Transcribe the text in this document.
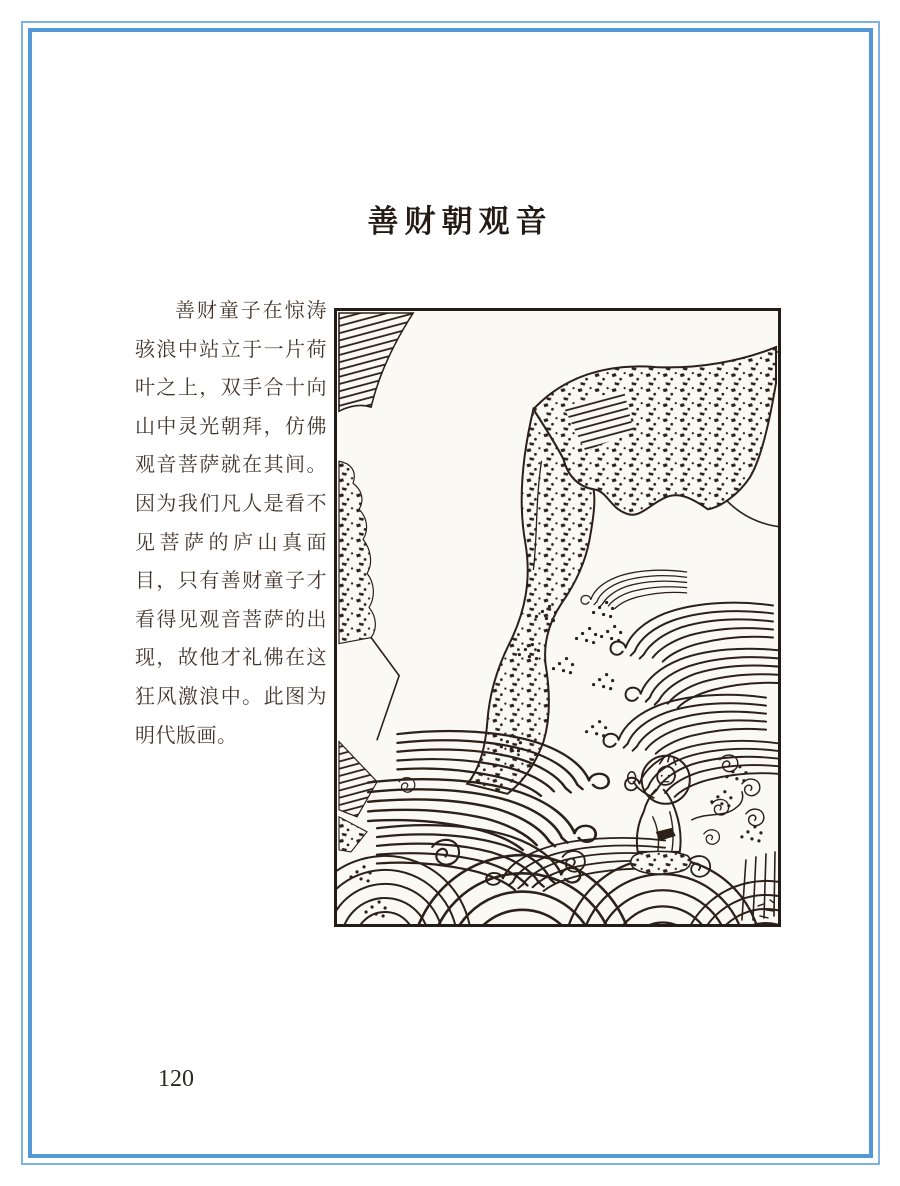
善财朝观音
善财童子在惊涛骇浪中站立于一片荷叶之上，双手合十向山中灵光朝拜，仿佛观音菩萨就在其间。因为我们凡人是看不见菩萨的庐山真面目，只有善财童子才看得见观音菩萨的出现，故他才礼佛在这狂风激浪中。此图为明代版画。
120
